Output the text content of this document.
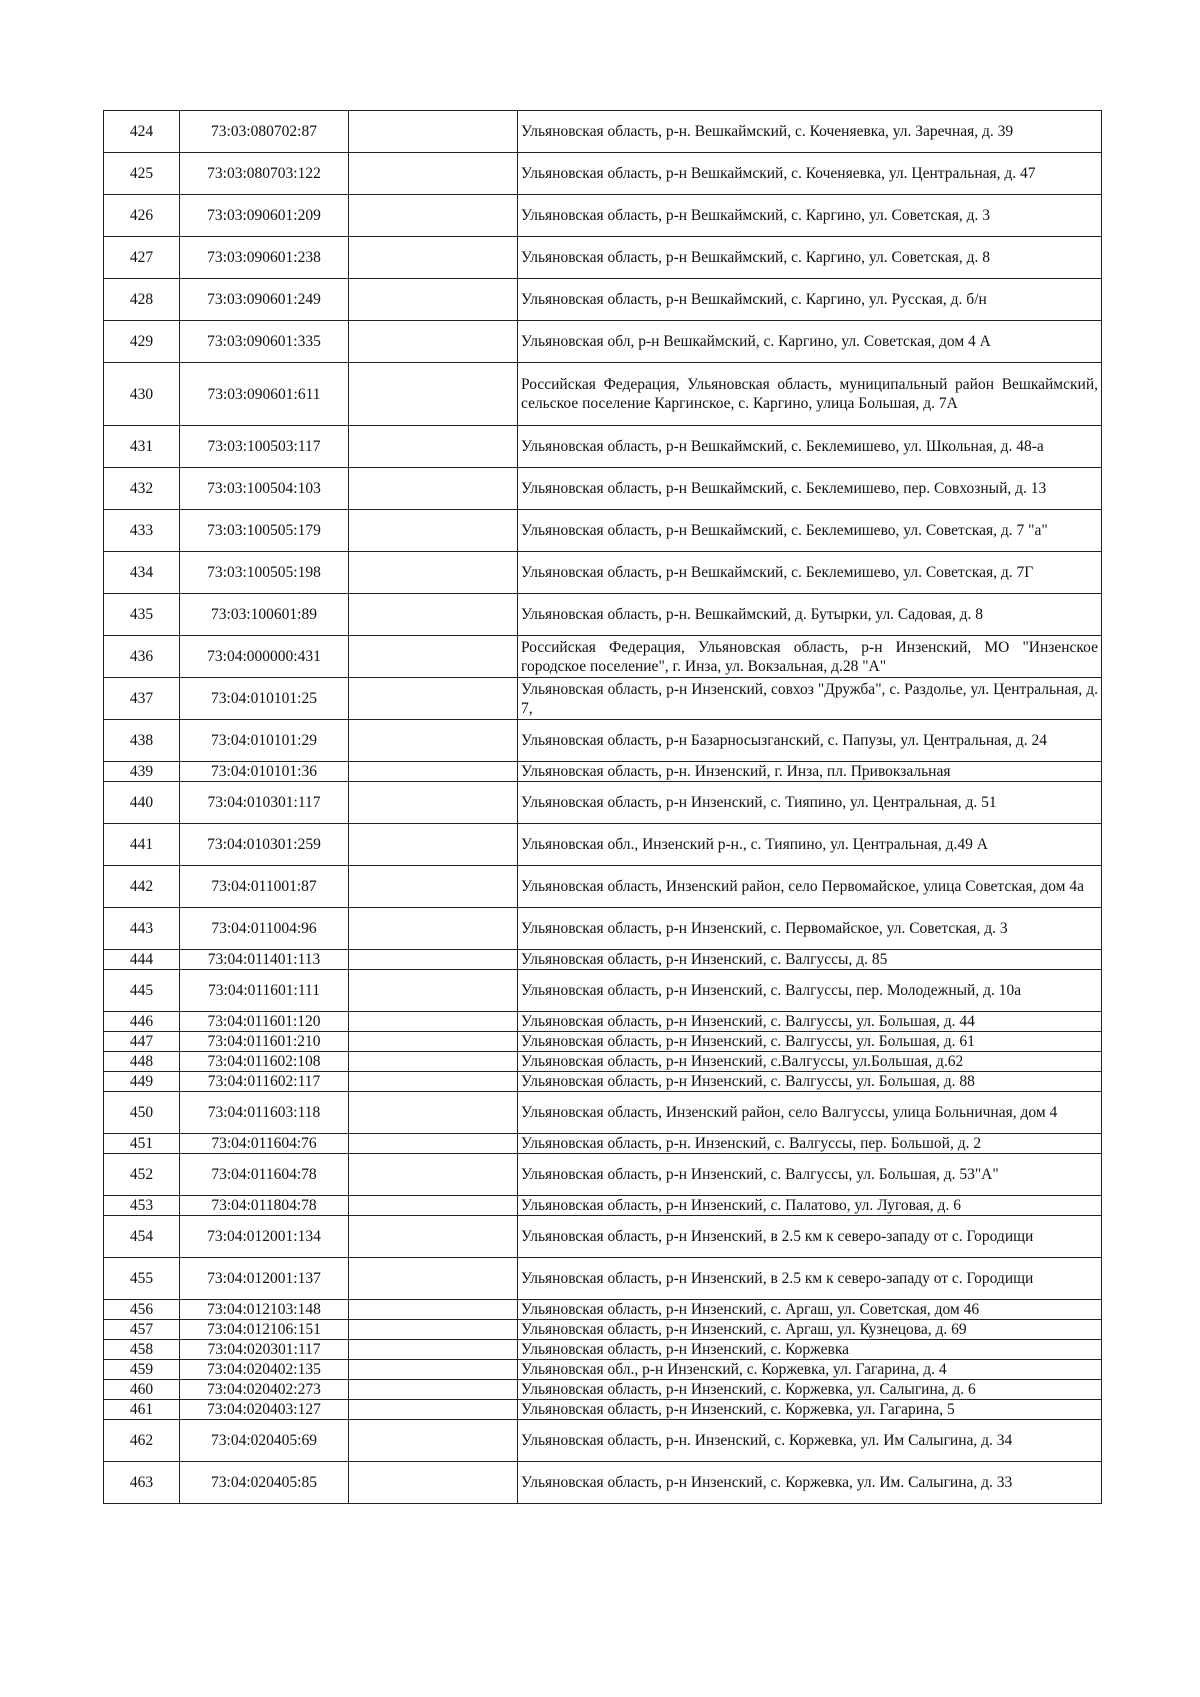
424	73:03:080702:87		Ульяновская область, р-н. Вешкаймский, с. Коченяевка, ул. Заречная, д. 39
425	73:03:080703:122		Ульяновская область, р-н Вешкаймский, с. Коченяевка, ул. Центральная, д. 47
426	73:03:090601:209		Ульяновская область, р-н Вешкаймский, с. Каргино, ул. Советская, д. 3
427	73:03:090601:238		Ульяновская область, р-н Вешкаймский, с. Каргино, ул. Советская, д. 8
428	73:03:090601:249		Ульяновская область, р-н Вешкаймский, с. Каргино, ул. Русская, д. б/н
429	73:03:090601:335		Ульяновская обл, р-н Вешкаймский, с. Каргино, ул. Советская, дом 4 А
430	73:03:090601:611		Российская Федерация, Ульяновская область, муниципальный район Вешкаймский, сельское поселение Каргинское, с. Каргино, улица Большая, д. 7А
431	73:03:100503:117		Ульяновская область, р-н Вешкаймский, с. Беклемишево, ул. Школьная, д. 48-а
432	73:03:100504:103		Ульяновская область, р-н Вешкаймский, с. Беклемишево, пер. Совхозный, д. 13
433	73:03:100505:179		Ульяновская область, р-н Вешкаймский, с. Беклемишево, ул. Советская, д. 7 "а"
434	73:03:100505:198		Ульяновская область, р-н Вешкаймский, с. Беклемишево, ул. Советская, д. 7Г
435	73:03:100601:89		Ульяновская область, р-н. Вешкаймский, д. Бутырки, ул. Садовая, д. 8
436	73:04:000000:431		Российская Федерация, Ульяновская область, р-н Инзенский, МО "Инзенское городское поселение", г. Инза, ул. Вокзальная, д.28 "А"
437	73:04:010101:25		Ульяновская область, р-н Инзенский, совхоз "Дружба", с. Раздолье, ул. Центральная, д. 7,
438	73:04:010101:29		Ульяновская область, р-н Базарносызганский, с. Папузы, ул. Центральная, д. 24
439	73:04:010101:36		Ульяновская область, р-н. Инзенский, г. Инза, пл. Привокзальная
440	73:04:010301:117		Ульяновская область, р-н Инзенский, с. Тияпино, ул. Центральная, д. 51
441	73:04:010301:259		Ульяновская обл., Инзенский р-н., с. Тияпино, ул. Центральная, д.49 А
442	73:04:011001:87		Ульяновская область, Инзенский район, село Первомайское, улица Советская, дом 4а
443	73:04:011004:96		Ульяновская область, р-н Инзенский, с. Первомайское, ул. Советская, д. 3
444	73:04:011401:113		Ульяновская область, р-н Инзенский, с. Валгуссы, д. 85
445	73:04:011601:111		Ульяновская область, р-н Инзенский, с. Валгуссы, пер. Молодежный, д. 10а
446	73:04:011601:120		Ульяновская область, р-н Инзенский, с. Валгуссы, ул. Большая, д. 44
447	73:04:011601:210		Ульяновская область, р-н Инзенский, с. Валгуссы, ул. Большая, д. 61
448	73:04:011602:108		Ульяновская область, р-н Инзенский, с.Валгуссы, ул.Большая, д.62
449	73:04:011602:117		Ульяновская область, р-н Инзенский, с. Валгуссы, ул. Большая, д. 88
450	73:04:011603:118		Ульяновская область, Инзенский район, село Валгуссы, улица Больничная, дом 4
451	73:04:011604:76		Ульяновская область, р-н. Инзенский, с. Валгуссы, пер. Большой, д. 2
452	73:04:011604:78		Ульяновская область, р-н Инзенский, с. Валгуссы, ул. Большая, д. 53"А"
453	73:04:011804:78		Ульяновская область, р-н Инзенский, с. Палатово, ул. Луговая, д. 6
454	73:04:012001:134		Ульяновская область, р-н Инзенский, в 2.5 км к северо-западу от с. Городищи
455	73:04:012001:137		Ульяновская область, р-н Инзенский, в 2.5 км к северо-западу от с. Городищи
456	73:04:012103:148		Ульяновская область, р-н Инзенский, с. Аргаш, ул. Советская, дом 46
457	73:04:012106:151		Ульяновская область, р-н Инзенский, с. Аргаш, ул. Кузнецова, д. 69
458	73:04:020301:117		Ульяновская область, р-н Инзенский, с. Коржевка
459	73:04:020402:135		Ульяновская обл., р-н Инзенский, с. Коржевка, ул. Гагарина, д. 4
460	73:04:020402:273		Ульяновская область, р-н Инзенский, с. Коржевка, ул. Салыгина, д. 6
461	73:04:020403:127		Ульяновская область, р-н Инзенский, с. Коржевка, ул. Гагарина, 5
462	73:04:020405:69		Ульяновская область, р-н. Инзенский, с. Коржевка, ул. Им Салыгина, д. 34
463	73:04:020405:85		Ульяновская область, р-н Инзенский, с. Коржевка, ул. Им. Салыгина, д. 33
